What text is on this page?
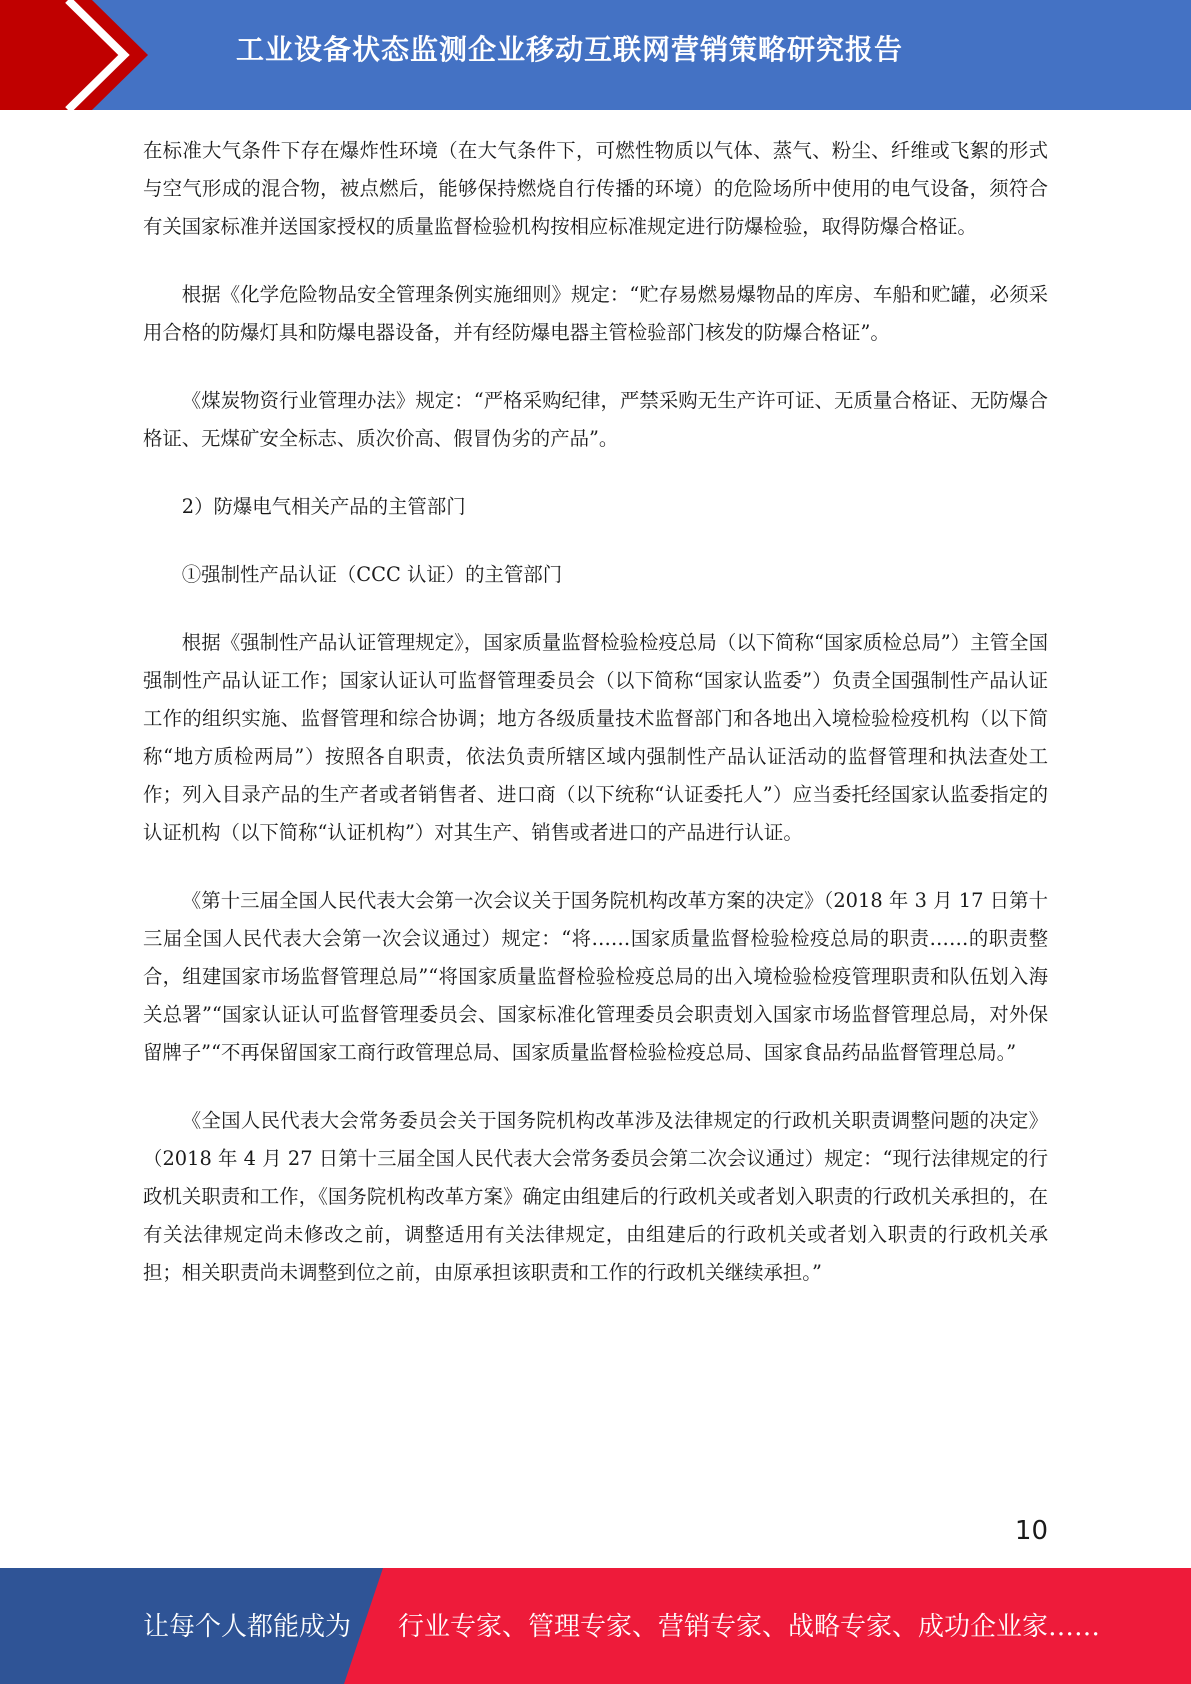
工业设备状态监测企业移动互联网营销策略研究报告

在标准大气条件下存在爆炸性环境（在大气条件下，可燃性物质以气体、蒸气、粉尘、纤维或飞絮的形式与空气形成的混合物，被点燃后，能够保持燃烧自行传播的环境）的危险场所中使用的电气设备，须符合有关国家标准并送国家授权的质量监督检验机构按相应标准规定进行防爆检验，取得防爆合格证。

根据《化学危险物品安全管理条例实施细则》规定：“贮存易燃易爆物品的库房、车船和贮罐，必须采用合格的防爆灯具和防爆电器设备，并有经防爆电器主管检验部门核发的防爆合格证”。

《煤炭物资行业管理办法》规定：“严格采购纪律，严禁采购无生产许可证、无质量合格证、无防爆合格证、无煤矿安全标志、质次价高、假冒伪劣的产品”。

2）防爆电气相关产品的主管部门

①强制性产品认证（CCC 认证）的主管部门

根据《强制性产品认证管理规定》，国家质量监督检验检疫总局（以下简称“国家质检总局”）主管全国强制性产品认证工作；国家认证认可监督管理委员会（以下简称“国家认监委”）负责全国强制性产品认证工作的组织实施、监督管理和综合协调；地方各级质量技术监督部门和各地出入境检验检疫机构（以下简称“地方质检两局”）按照各自职责，依法负责所辖区域内强制性产品认证活动的监督管理和执法查处工作；列入目录产品的生产者或者销售者、进口商（以下统称“认证委托人”）应当委托经国家认监委指定的认证机构（以下简称“认证机构”）对其生产、销售或者进口的产品进行认证。

《第十三届全国人民代表大会第一次会议关于国务院机构改革方案的决定》（2018 年 3 月 17 日第十三届全国人民代表大会第一次会议通过）规定：“将……国家质量监督检验检疫总局的职责……的职责整合，组建国家市场监督管理总局”“将国家质量监督检验检疫总局的出入境检验检疫管理职责和队伍划入海关总署”“国家认证认可监督管理委员会、国家标准化管理委员会职责划入国家市场监督管理总局，对外保留牌子”“不再保留国家工商行政管理总局、国家质量监督检验检疫总局、国家食品药品监督管理总局。”

《全国人民代表大会常务委员会关于国务院机构改革涉及法律规定的行政机关职责调整问题的决定》（2018 年 4 月 27 日第十三届全国人民代表大会常务委员会第二次会议通过）规定：“现行法律规定的行政机关职责和工作，《国务院机构改革方案》确定由组建后的行政机关或者划入职责的行政机关承担的，在有关法律规定尚未修改之前，调整适用有关法律规定，由组建后的行政机关或者划入职责的行政机关承担；相关职责尚未调整到位之前，由原承担该职责和工作的行政机关继续承担。”

10
让每个人都能成为 行业专家、管理专家、营销专家、战略专家、成功企业家……
